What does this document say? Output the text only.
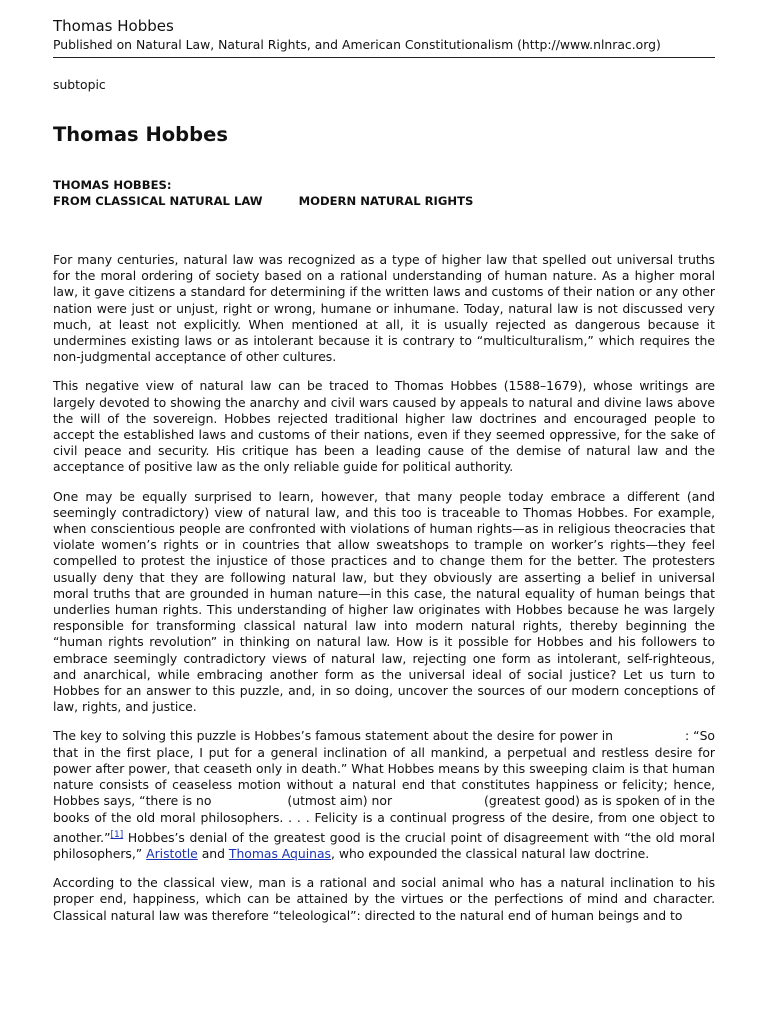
Thomas Hobbes
Published on Natural Law, Natural Rights, and American Constitutionalism (http://www.nlnrac.org)
subtopic
Thomas Hobbes
THOMAS HOBBES:
FROM CLASSICAL NATURAL LAW	MODERN NATURAL RIGHTS

For many centuries, natural law was recognized as a type of higher law that spelled out universal truths for the moral ordering of society based on a rational understanding of human nature. As a higher moral law, it gave citizens a standard for determining if the written laws and customs of their nation or any other nation were just or unjust, right or wrong, humane or inhumane. Today, natural law is not discussed very much, at least not explicitly. When mentioned at all, it is usually rejected as dangerous because it undermines existing laws or as intolerant because it is contrary to “multiculturalism,” which requires the non-judgmental acceptance of other cultures.

This negative view of natural law can be traced to Thomas Hobbes (1588–1679), whose writings are largely devoted to showing the anarchy and civil wars caused by appeals to natural and divine laws above the will of the sovereign. Hobbes rejected traditional higher law doctrines and encouraged people to accept the established laws and customs of their nations, even if they seemed oppressive, for the sake of civil peace and security. His critique has been a leading cause of the demise of natural law and the acceptance of positive law as the only reliable guide for political authority.

One may be equally surprised to learn, however, that many people today embrace a different (and seemingly contradictory) view of natural law, and this too is traceable to Thomas Hobbes. For example, when conscientious people are confronted with violations of human rights—as in religious theocracies that violate women’s rights or in countries that allow sweatshops to trample on worker’s rights—they feel compelled to protest the injustice of those practices and to change them for the better. The protesters usually deny that they are following natural law, but they obviously are asserting a belief in universal moral truths that are grounded in human nature—in this case, the natural equality of human beings that underlies human rights. This understanding of higher law originates with Hobbes because he was largely responsible for transforming classical natural law into modern natural rights, thereby beginning the “human rights revolution” in thinking on natural law. How is it possible for Hobbes and his followers to embrace seemingly contradictory views of natural law, rejecting one form as intolerant, self-righteous, and anarchical, while embracing another form as the universal ideal of social justice? Let us turn to Hobbes for an answer to this puzzle, and, in so doing, uncover the sources of our modern conceptions of law, rights, and justice.

The key to solving this puzzle is Hobbes’s famous statement about the desire for power in	: “So that in the first place, I put for a general inclination of all mankind, a perpetual and restless desire for power after power, that ceaseth only in death.” What Hobbes means by this sweeping claim is that human nature consists of ceaseless motion without a natural end that constitutes happiness or felicity; hence, Hobbes says, “there is no	(utmost aim) nor	(greatest good) as is spoken of in the books of the old moral philosophers. . . . Felicity is a continual progress of the desire, from one object to another.”[1] Hobbes’s denial of the greatest good is the crucial point of disagreement with “the old moral philosophers,” Aristotle and Thomas Aquinas, who expounded the classical natural law doctrine.

According to the classical view, man is a rational and social animal who has a natural inclination to his proper end, happiness, which can be attained by the virtues or the perfections of mind and character. Classical natural law was therefore “teleological”: directed to the natural end of human beings and to
